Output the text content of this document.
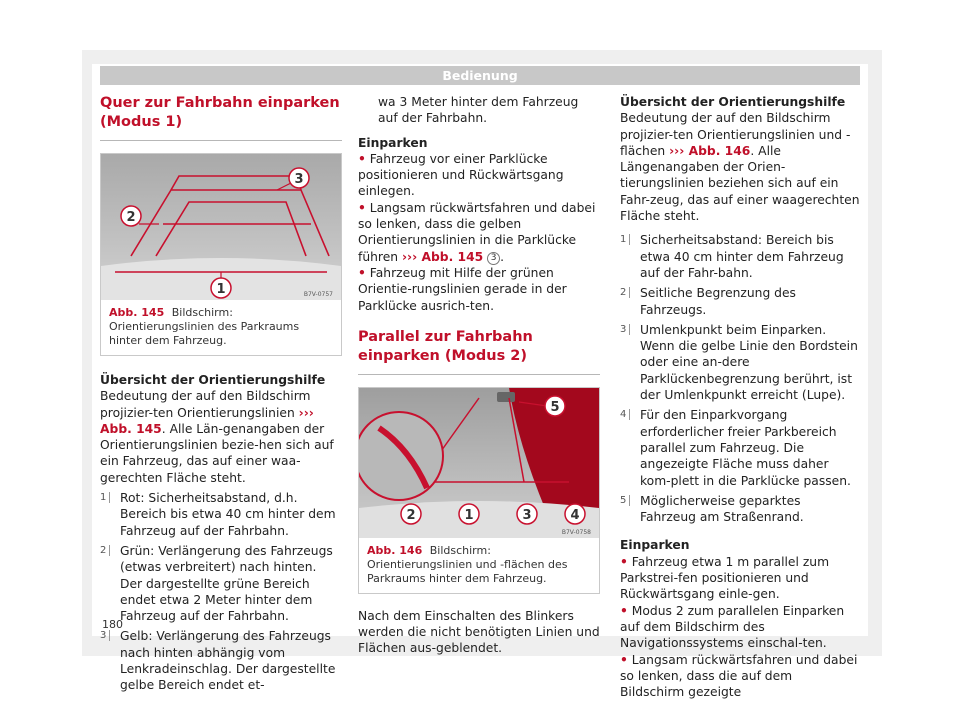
Bedienung
Quer zur Fahrbahn einparken (Modus 1)
3
2
1	B7V-0757
Abb. 145 Bildschirm: Orientierungslinien des Parkraums hinter dem Fahrzeug.
Übersicht der Orientierungshilfe
Bedeutung der auf den Bildschirm projizier-ten Orientierungslinien ››› Abb. 145. Alle Län-genangaben der Orientierungslinien bezie-hen sich auf ein Fahrzeug, das auf einer waa-gerechten Fläche steht.
1	Rot: Sicherheitsabstand, d.h. Bereich bis etwa 40 cm hinter dem Fahrzeug auf der Fahrbahn.
2	Grün: Verlängerung des Fahrzeugs (etwas verbreitert) nach hinten. Der dargestellte grüne Bereich endet etwa 2 Meter hinter dem Fahrzeug auf der Fahrbahn.
3	Gelb: Verlängerung des Fahrzeugs nach hinten abhängig vom Lenkradeinschlag. Der dargestellte gelbe Bereich endet et-
wa 3 Meter hinter dem Fahrzeug auf der Fahrbahn.
Einparken
• Fahrzeug vor einer Parklücke positionieren und Rückwärtsgang einlegen.
• Langsam rückwärtsfahren und dabei so lenken, dass die gelben Orientierungslinien in die Parklücke führen ››› Abb. 145 3 .
• Fahrzeug mit Hilfe der grünen Orientie-rungslinien gerade in der Parklücke ausrich-ten.
Parallel zur Fahrbahn einparken (Modus 2)
5
2	1	3	4
B7V-0758
Abb. 146 Bildschirm: Orientierungslinien und -flächen des Parkraums hinter dem Fahrzeug.
Nach dem Einschalten des Blinkers werden die nicht benötigten Linien und Flächen aus-geblendet.
Übersicht der Orientierungshilfe
Bedeutung der auf den Bildschirm projizier-ten Orientierungslinien und -flächen ››› Abb. 146. Alle Längenangaben der Orien-tierungslinien beziehen sich auf ein Fahr-zeug, das auf einer waagerechten Fläche steht.
1	Sicherheitsabstand: Bereich bis etwa 40 cm hinter dem Fahrzeug auf der Fahr-bahn.
2	Seitliche Begrenzung des Fahrzeugs.
3	Umlenkpunkt beim Einparken. Wenn die gelbe Linie den Bordstein oder eine an-dere Parklückenbegrenzung berührt, ist der Umlenkpunkt erreicht (Lupe).
4	Für den Einparkvorgang erforderlicher freier Parkbereich parallel zum Fahrzeug. Die angezeigte Fläche muss daher kom-plett in die Parklücke passen.
5	Möglicherweise geparktes Fahrzeug am Straßenrand.
Einparken
• Fahrzeug etwa 1 m parallel zum Parkstrei-fen positionieren und Rückwärtsgang einle-gen.
• Modus 2 zum parallelen Einparken auf dem Bildschirm des Navigationssystems einschal-ten.
• Langsam rückwärtsfahren und dabei so lenken, dass die auf dem Bildschirm gezeigte
180
